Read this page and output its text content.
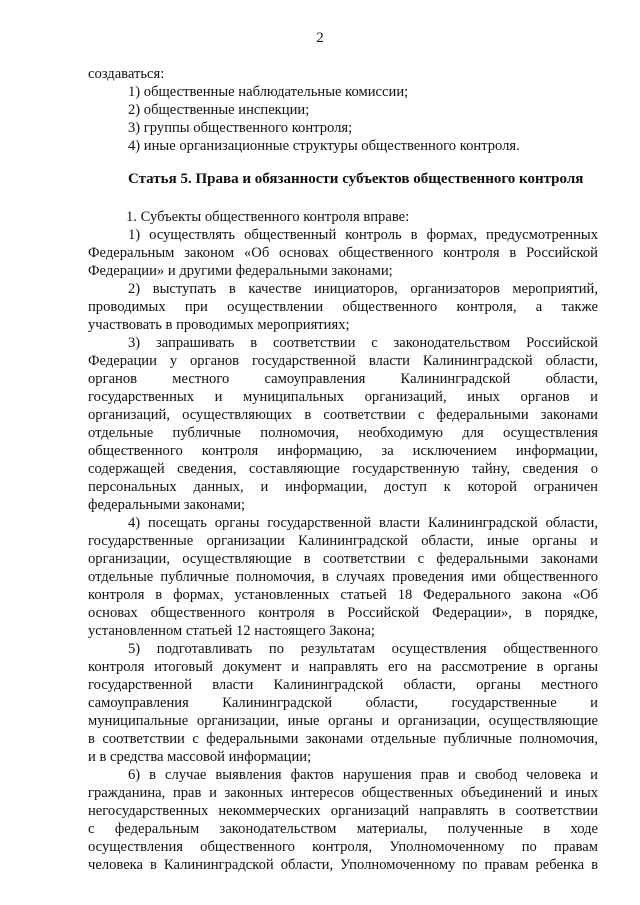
2

создаваться:

1) общественные наблюдательные комиссии;

2) общественные инспекции;

3) группы общественного контроля;

4) иные организационные структуры общественного контроля.

Статья 5. Права и обязанности субъектов общественного контроля

1. Субъекты общественного контроля вправе:

1) осуществлять общественный контроль в формах, предусмотренных

Федеральным законом «Об основах общественного контроля в Российской

Федерации» и другими федеральными законами;

2) выступать в качестве инициаторов, организаторов мероприятий,

проводимых при осуществлении общественного контроля, а также

участвовать в проводимых мероприятиях;

3) запрашивать в соответствии с законодательством Российской

Федерации у органов государственной власти Калининградской области,

органов местного самоуправления Калининградской области,

государственных и муниципальных организаций, иных органов и

организаций, осуществляющих в соответствии с федеральными законами

отдельные публичные полномочия, необходимую для осуществления

общественного контроля информацию, за исключением информации,

содержащей сведения, составляющие государственную тайну, сведения о

персональных данных, и информации, доступ к которой ограничен

федеральными законами;

4) посещать органы государственной власти Калининградской области,

государственные организации Калининградской области, иные органы и

организации, осуществляющие в соответствии с федеральными законами

отдельные публичные полномочия, в случаях проведения ими общественного

контроля в формах, установленных статьей 18 Федерального закона «Об

основах общественного контроля в Российской Федерации», в порядке,

установленном статьей 12 настоящего Закона;

5) подготавливать по результатам осуществления общественного

контроля итоговый документ и направлять его на рассмотрение в органы

государственной власти Калининградской области, органы местного

самоуправления Калининградской области, государственные и

муниципальные организации, иные органы и организации, осуществляющие

в соответствии с федеральными законами отдельные публичные полномочия,

и в средства массовой информации;

6) в случае выявления фактов нарушения прав и свобод человека и

гражданина, прав и законных интересов общественных объединений и иных

негосударственных некоммерческих организаций направлять в соответствии

с федеральным законодательством материалы, полученные в ходе

осуществления общественного контроля, Уполномоченному по правам

человека в Калининградской области, Уполномоченному по правам ребенка в
